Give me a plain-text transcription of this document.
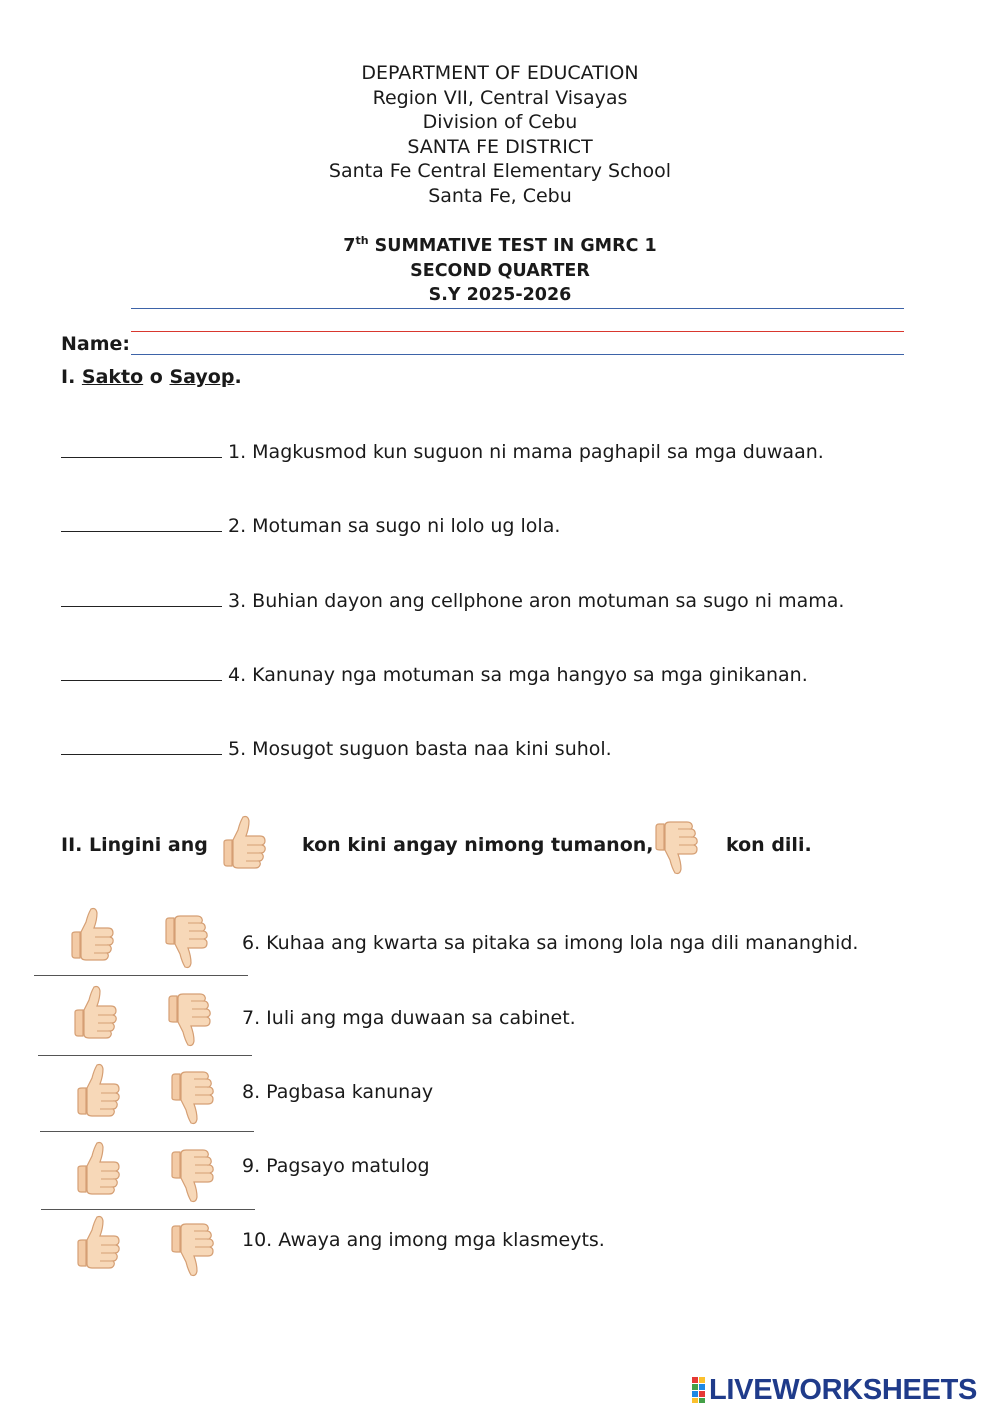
DEPARTMENT OF EDUCATION
Region VII, Central Visayas
Division of Cebu
SANTA FE DISTRICT
Santa Fe Central Elementary School
Santa Fe, Cebu
7th SUMMATIVE TEST IN GMRC 1
SECOND QUARTER
S.Y 2025-2026
Name:
I. Sakto o Sayop.
1. Magkusmod kun suguon ni mama paghapil sa mga duwaan.
2. Motuman sa sugo ni lolo ug lola.
3. Buhian dayon ang cellphone aron motuman sa sugo ni mama.
4. Kanunay nga motuman sa mga hangyo sa mga ginikanan.
5. Mosugot suguon basta naa kini suhol.
II. Lingini ang	kon kini angay nimong tumanon,	kon dili.
6. Kuhaa ang kwarta sa pitaka sa imong lola nga dili mananghid.
7. Iuli ang mga duwaan sa cabinet.
8. Pagbasa kanunay
9. Pagsayo matulog
10. Awaya ang imong mga klasmeyts.
LIVEWORKSHEETS
